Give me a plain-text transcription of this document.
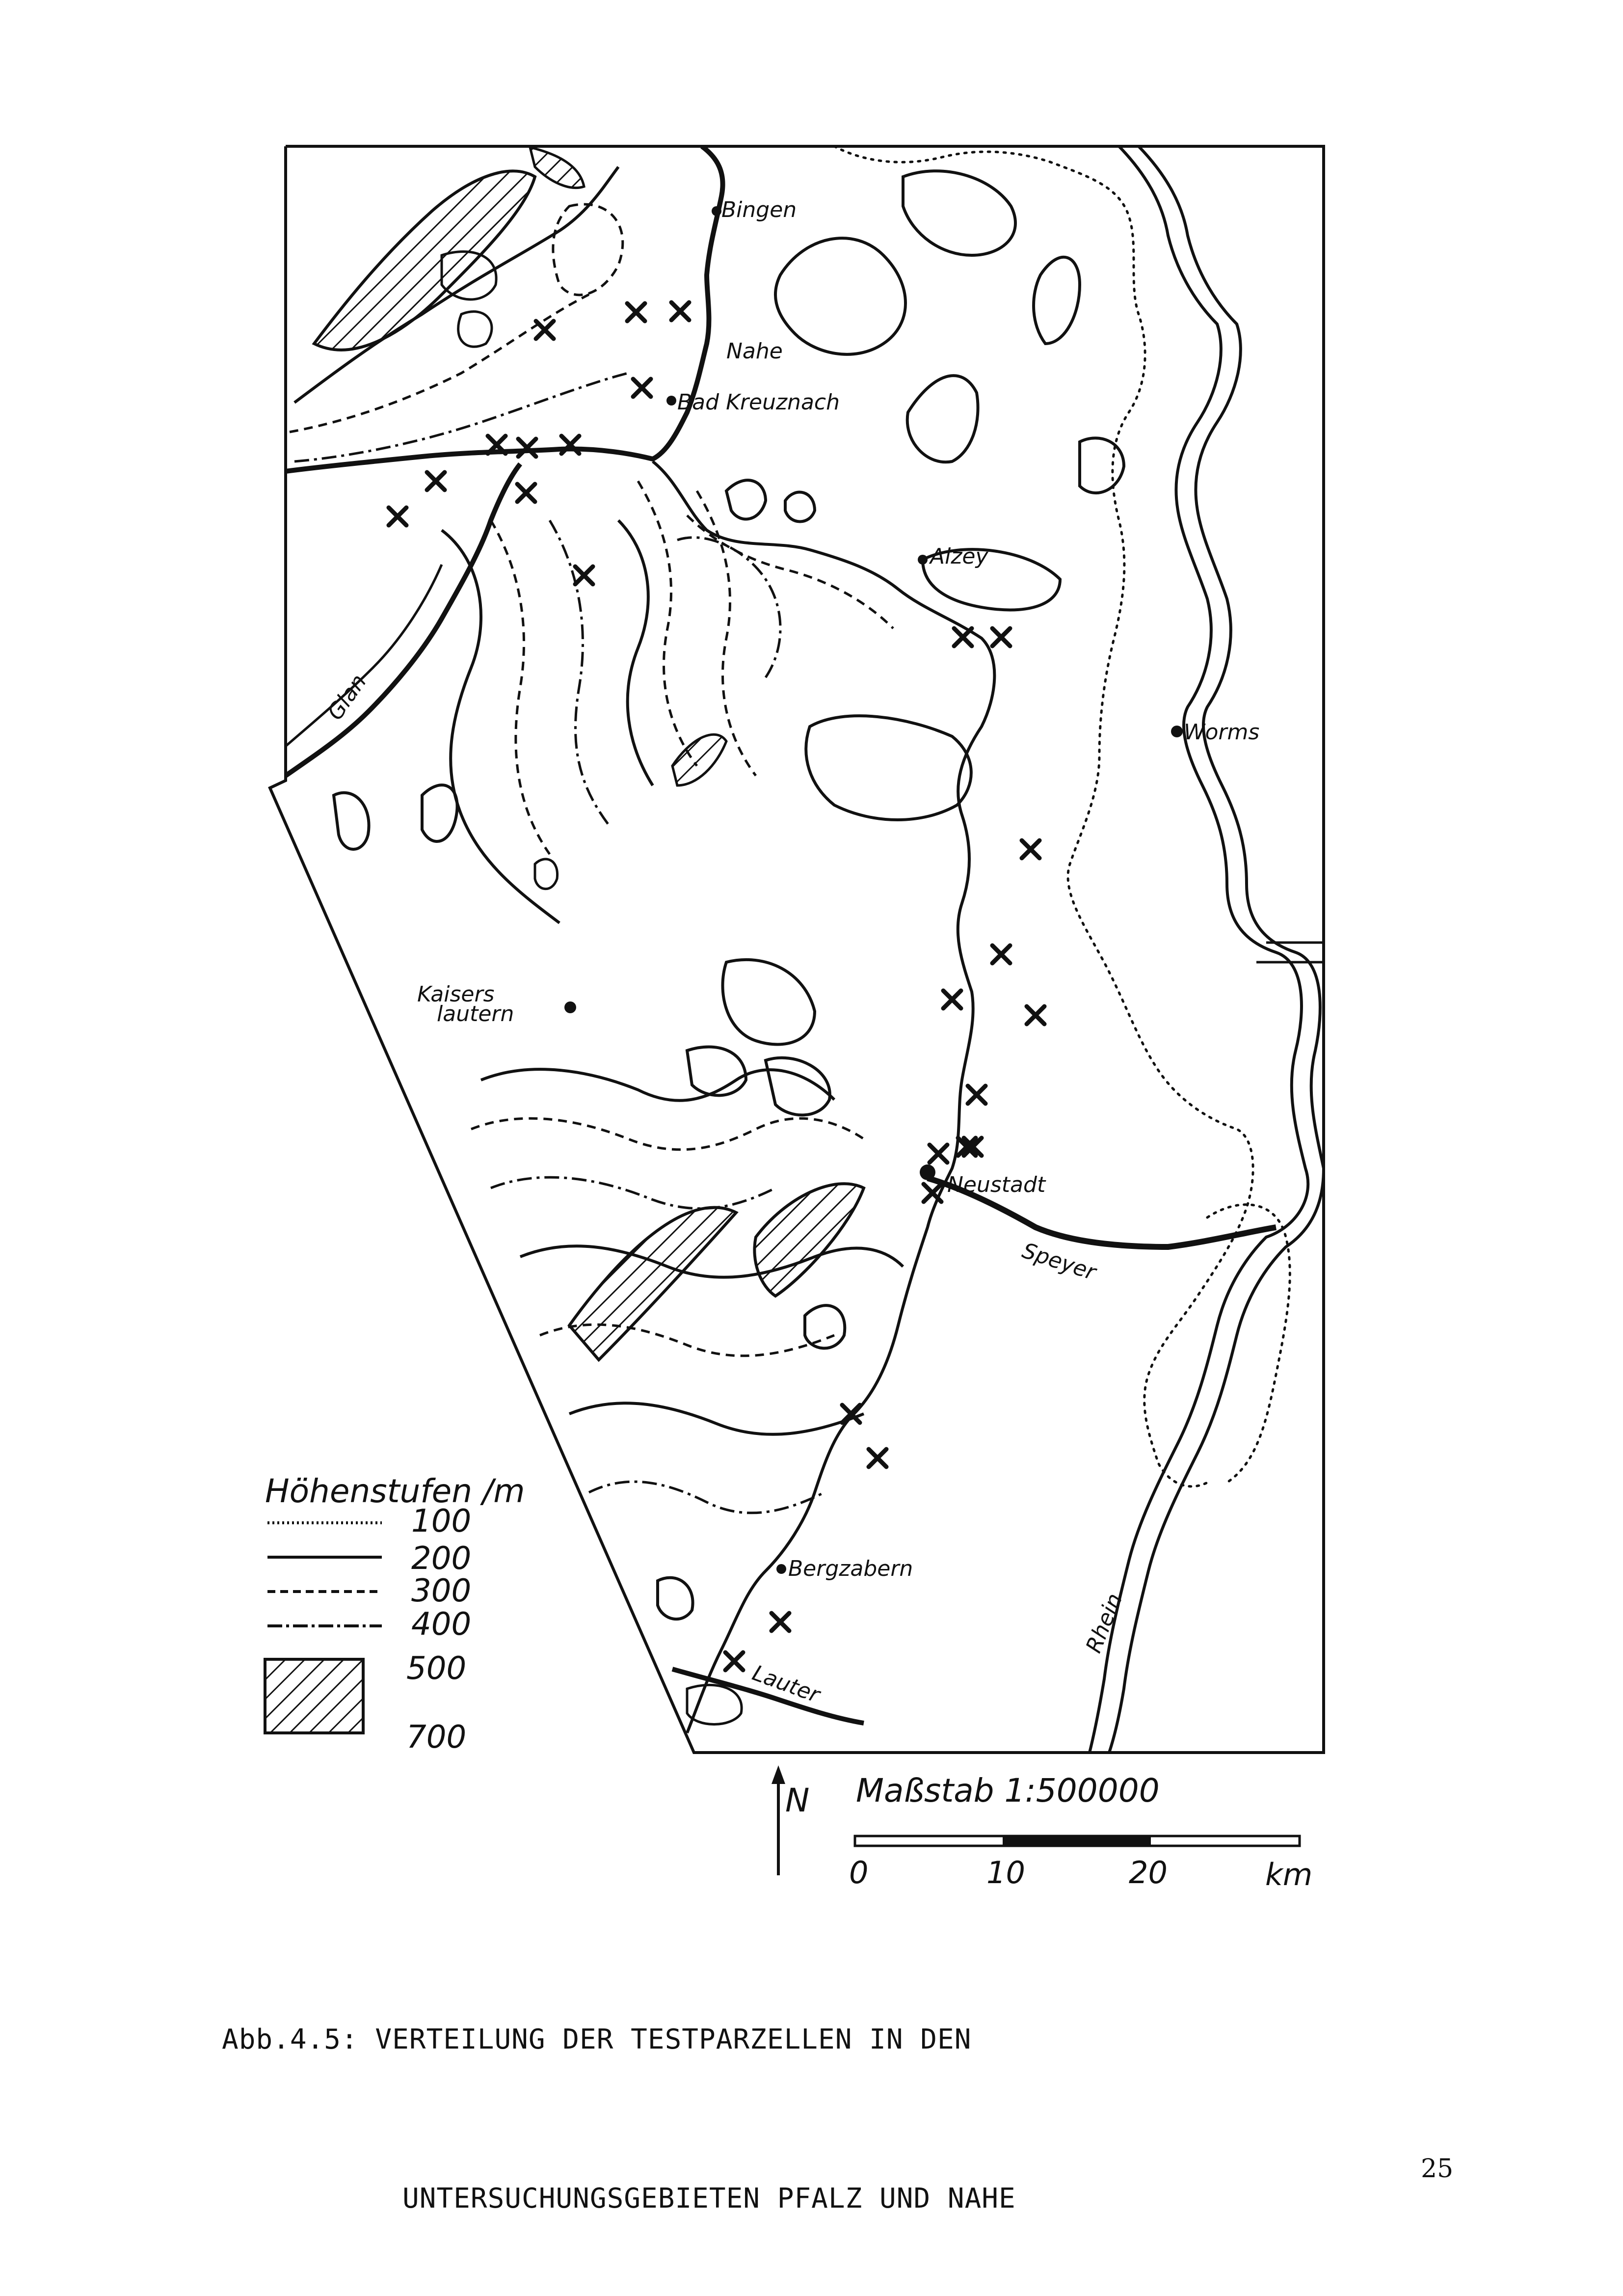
Bingen
Nahe
Bad Kreuznach
Alzey
Worms
Glan
Kaisers
lautern
Neustadt
Speyer
Bergzabern
Lauter
Rhein
Höhenstufen /m
100
200
300
400
500
700
N Maßstab 1:500000
0	10	20	km

Abb.4.5: VERTEILUNG DER TESTPARZELLEN IN DEN

UNTERSUCHUNGSGEBIETEN PFALZ UND NAHE

25
